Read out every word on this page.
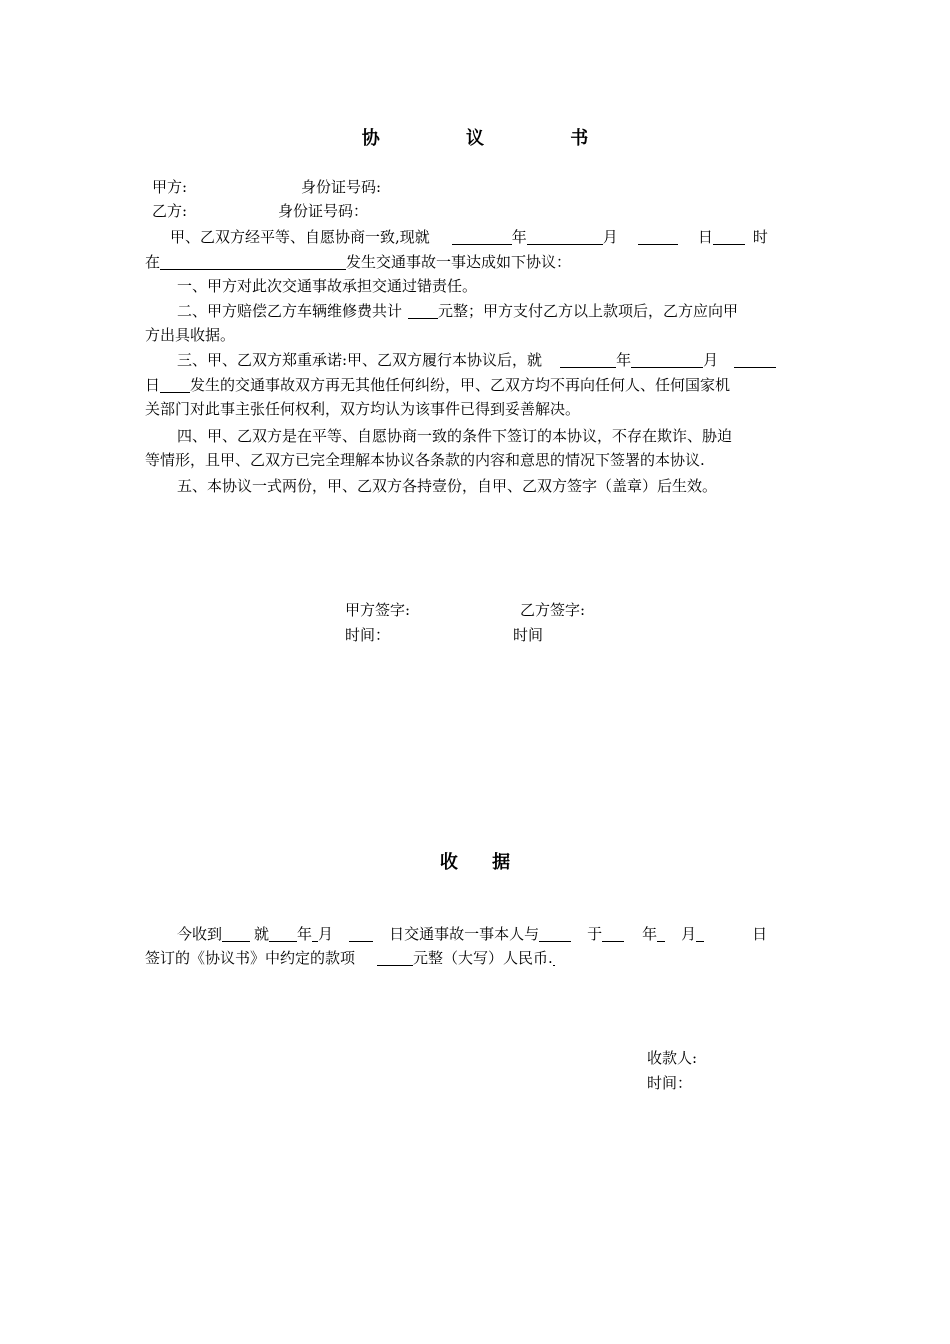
协 议 书
甲方:	身份证号码:
乙方:	身份证号码：
甲、乙双方经平等、自愿协商一致,现就	年	月	日	时
在	发生交通事故一事达成如下协议：
一、甲方对此次交通事故承担交通过错责任。
二、甲方赔偿乙方车辆维修费共计 元整；甲方支付乙方以上款项后，乙方应向甲
方出具收据。
三、甲、乙双方郑重承诺:甲、乙双方履行本协议后，就	年	月
日 发生的交通事故双方再无其他任何纠纷，甲、乙双方均不再向任何人、任何国家机
关部门对此事主张任何权利，双方均认为该事件已得到妥善解决。
四、甲、乙双方是在平等、自愿协商一致的条件下签订的本协议，不存在欺诈、胁迫
等情形，且甲、乙双方已完全理解本协议各条款的内容和意思的情况下签署的本协议.
五、本协议一式两份，甲、乙双方各持壹份，自甲、乙双方签字（盖章）后生效。
甲方签字:	乙方签字:
时间：	时间
收 据
今收到 就 年 月	日交通事故一事本人与	于	年 月	日
签订的《协议书》中约定的款项	元整（大写）人民币.
收款人:
时间：
